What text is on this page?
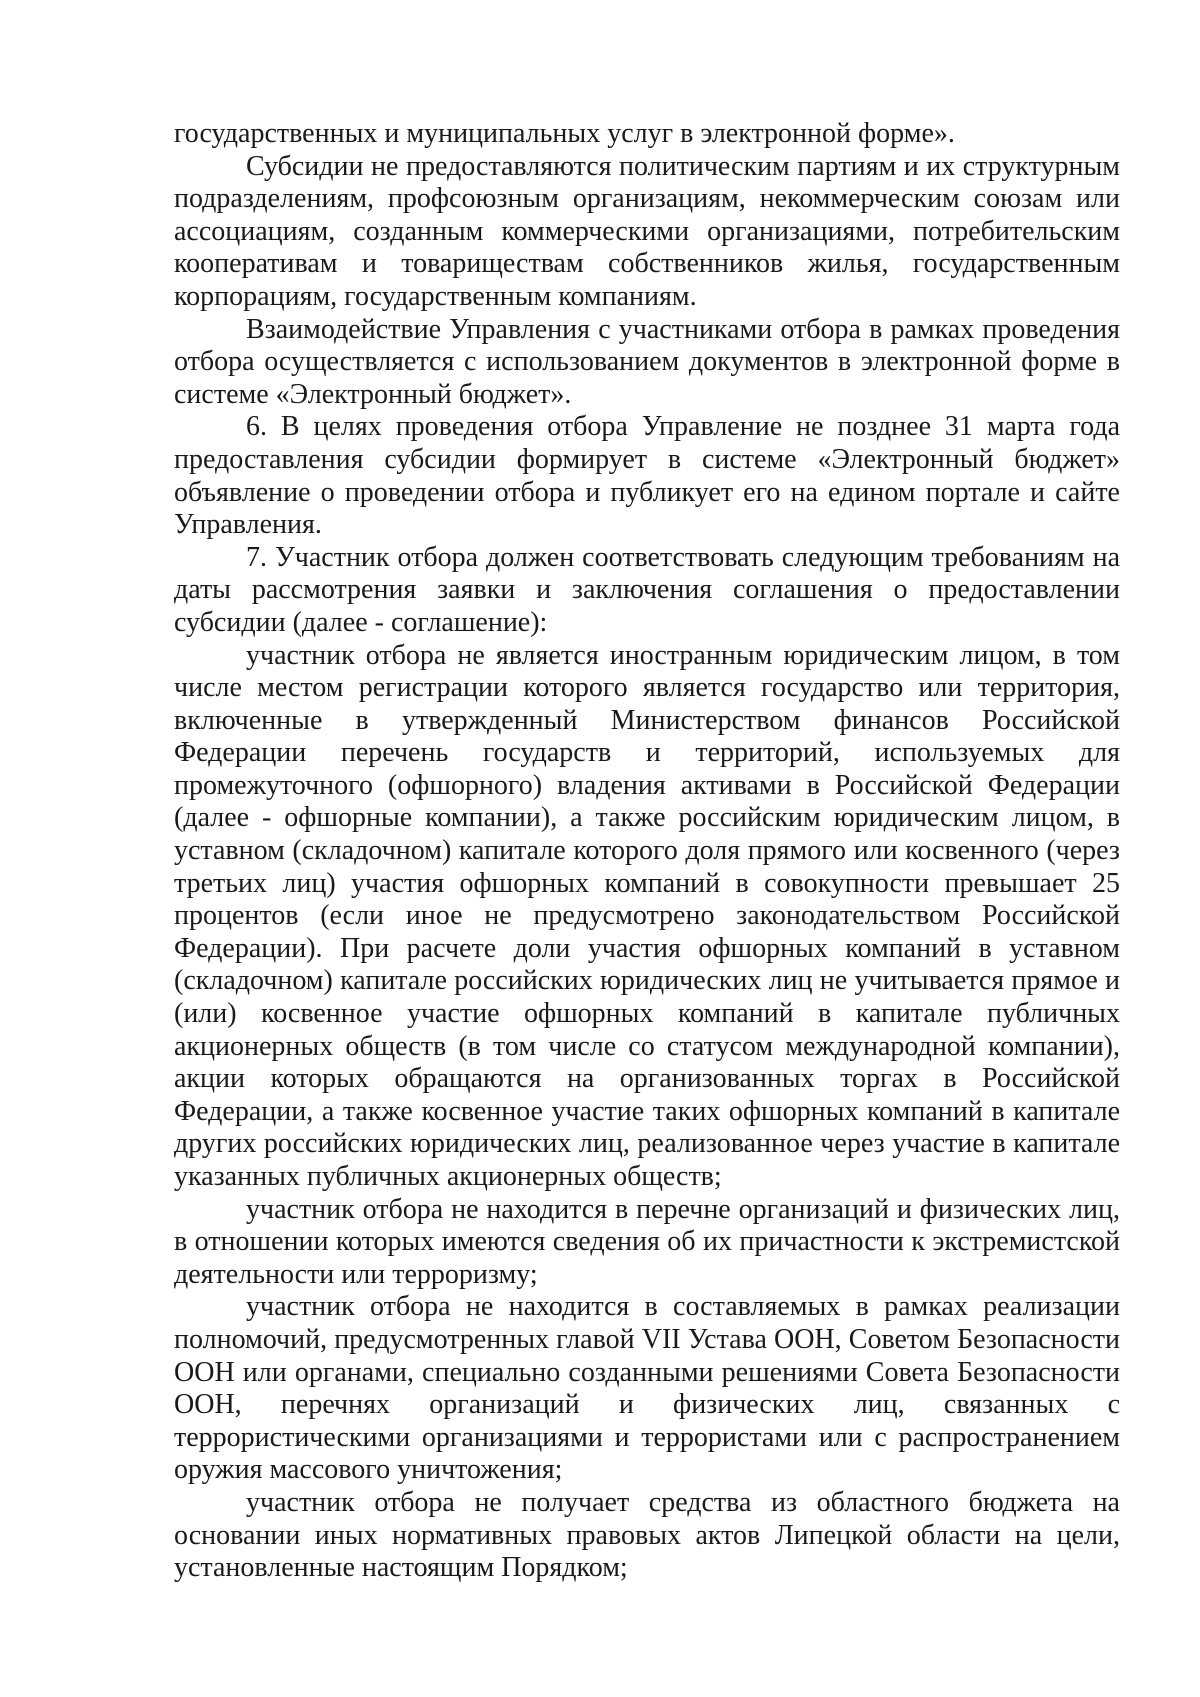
государственных и муниципальных услуг в электронной форме».

Субсидии не предоставляются политическим партиям и их структурным подразделениям, профсоюзным организациям, некоммерческим союзам или ассоциациям, созданным коммерческими организациями, потребительским кооперативам и товариществам собственников жилья, государственным корпорациям, государственным компаниям.

Взаимодействие Управления с участниками отбора в рамках проведения отбора осуществляется с использованием документов в электронной форме в системе «Электронный бюджет».

6. В целях проведения отбора Управление не позднее 31 марта года предоставления субсидии формирует в системе «Электронный бюджет» объявление о проведении отбора и публикует его на едином портале и сайте Управления.

7. Участник отбора должен соответствовать следующим требованиям на даты рассмотрения заявки и заключения соглашения о предоставлении субсидии (далее - соглашение):

участник отбора не является иностранным юридическим лицом, в том числе местом регистрации которого является государство или территория, включенные в утвержденный Министерством финансов Российской Федерации перечень государств и территорий, используемых для промежуточного (офшорного) владения активами в Российской Федерации (далее - офшорные компании), а также российским юридическим лицом, в уставном (складочном) капитале которого доля прямого или косвенного (через третьих лиц) участия офшорных компаний в совокупности превышает 25 процентов (если иное не предусмотрено законодательством Российской Федерации). При расчете доли участия офшорных компаний в уставном (складочном) капитале российских юридических лиц не учитывается прямое и (или) косвенное участие офшорных компаний в капитале публичных акционерных обществ (в том числе со статусом международной компании), акции которых обращаются на организованных торгах в Российской Федерации, а также косвенное участие таких офшорных компаний в капитале других российских юридических лиц, реализованное через участие в капитале указанных публичных акционерных обществ;

участник отбора не находится в перечне организаций и физических лиц, в отношении которых имеются сведения об их причастности к экстремистской деятельности или терроризму;

участник отбора не находится в составляемых в рамках реализации полномочий, предусмотренных главой VII Устава ООН, Советом Безопасности ООН или органами, специально созданными решениями Совета Безопасности ООН, перечнях организаций и физических лиц, связанных с террористическими организациями и террористами или с распространением оружия массового уничтожения;

участник отбора не получает средства из областного бюджета на основании иных нормативных правовых актов Липецкой области на цели, установленные настоящим Порядком;
